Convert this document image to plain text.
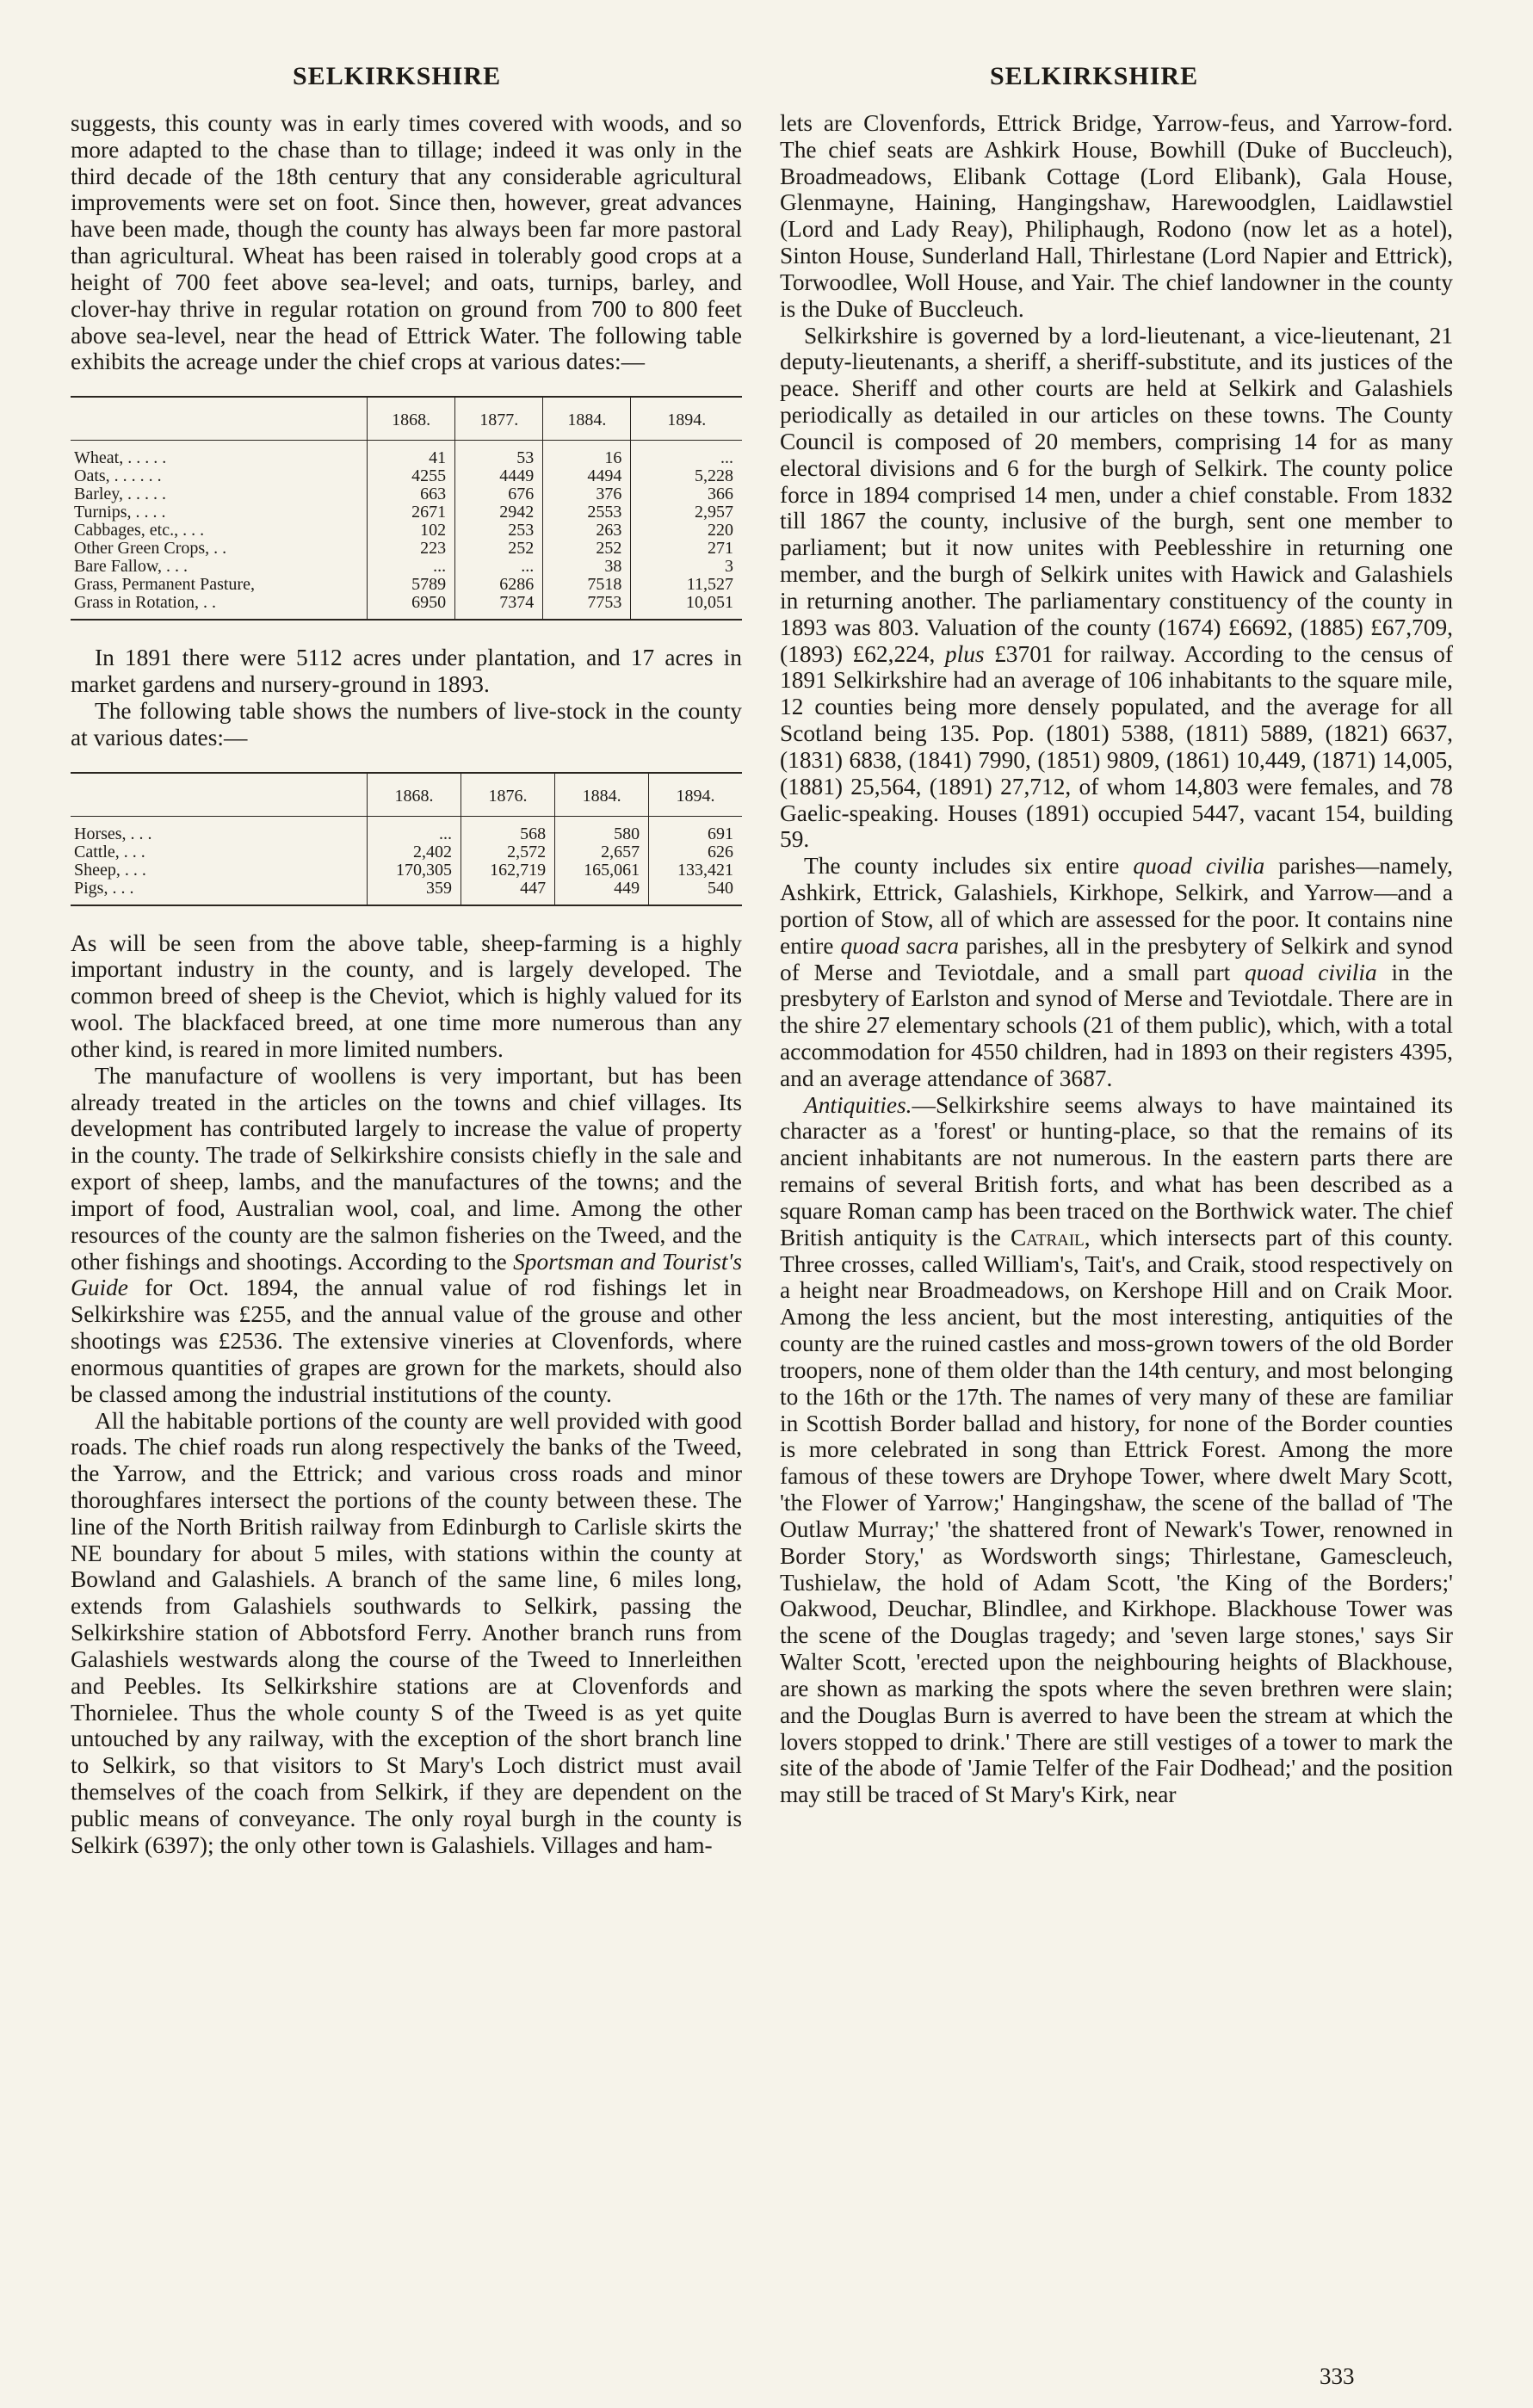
SELKIRKSHIRE	SELKIRKSHIRE

suggests, this county was in early times covered with woods, and so more adapted to the chase than to tillage; indeed it was only in the third decade of the 18th century that any considerable agricultural improvements were set on foot. Since then, however, great advances have been made, though the county has always been far more pastoral than agricultural. Wheat has been raised in tolerably good crops at a height of 700 feet above sea-level; and oats, turnips, barley, and clover-hay thrive in regular rotation on ground from 700 to 800 feet above sea-level, near the head of Ettrick Water. The following table exhibits the acreage under the chief crops at various dates:—

	1868.	1877.	1884.	1894.
Wheat, . . . . .	41	53	16	...
Oats, . . . . . .	4255	4449	4494	5,228
Barley, . . . . .	663	676	376	366
Turnips, . . . .	2671	2942	2553	2,957
Cabbages, etc., . . .	102	253	263	220
Other Green Crops, . .	223	252	252	271
Bare Fallow, . . .	...	...	38	3
Grass, Permanent Pasture,	5789	6286	7518	11,527
Grass in Rotation, . .	6950	7374	7753	10,051

In 1891 there were 5112 acres under plantation, and 17 acres in market gardens and nursery-ground in 1893.

The following table shows the numbers of live-stock in the county at various dates:—

	1868.	1876.	1884.	1894.
Horses, . . .	...	568	580	691
Cattle, . . .	2,402	2,572	2,657	626
Sheep, . . .	170,305	162,719	165,061	133,421
Pigs, . . .	359	447	449	540

As will be seen from the above table, sheep-farming is a highly important industry in the county, and is largely developed. The common breed of sheep is the Cheviot, which is highly valued for its wool. The blackfaced breed, at one time more numerous than any other kind, is reared in more limited numbers.

The manufacture of woollens is very important, but has been already treated in the articles on the towns and chief villages. Its development has contributed largely to increase the value of property in the county. The trade of Selkirkshire consists chiefly in the sale and export of sheep, lambs, and the manufactures of the towns; and the import of food, Australian wool, coal, and lime. Among the other resources of the county are the salmon fisheries on the Tweed, and the other fishings and shootings. According to the Sportsman and Tourist's Guide for Oct. 1894, the annual value of rod fishings let in Selkirkshire was £255, and the annual value of the grouse and other shootings was £2536. The extensive vineries at Clovenfords, where enormous quantities of grapes are grown for the markets, should also be classed among the industrial institutions of the county.

All the habitable portions of the county are well provided with good roads. The chief roads run along respectively the banks of the Tweed, the Yarrow, and the Ettrick; and various cross roads and minor thoroughfares intersect the portions of the county between these. The line of the North British railway from Edinburgh to Carlisle skirts the NE boundary for about 5 miles, with stations within the county at Bowland and Galashiels. A branch of the same line, 6 miles long, extends from Galashiels southwards to Selkirk, passing the Selkirkshire station of Abbotsford Ferry. Another branch runs from Galashiels westwards along the course of the Tweed to Innerleithen and Peebles. Its Selkirkshire stations are at Clovenfords and Thornielee. Thus the whole county S of the Tweed is as yet quite untouched by any railway, with the exception of the short branch line to Selkirk, so that visitors to St Mary's Loch district must avail themselves of the coach from Selkirk, if they are dependent on the public means of conveyance. The only royal burgh in the county is Selkirk (6397); the only other town is Galashiels. Villages and ham-

lets are Clovenfords, Ettrick Bridge, Yarrow-feus, and Yarrow-ford. The chief seats are Ashkirk House, Bowhill (Duke of Buccleuch), Broadmeadows, Elibank Cottage (Lord Elibank), Gala House, Glenmayne, Haining, Hangingshaw, Harewoodglen, Laidlawstiel (Lord and Lady Reay), Philiphaugh, Rodono (now let as a hotel), Sinton House, Sunderland Hall, Thirlestane (Lord Napier and Ettrick), Torwoodlee, Woll House, and Yair. The chief landowner in the county is the Duke of Buccleuch.

Selkirkshire is governed by a lord-lieutenant, a vice-lieutenant, 21 deputy-lieutenants, a sheriff, a sheriff-substitute, and its justices of the peace. Sheriff and other courts are held at Selkirk and Galashiels periodically as detailed in our articles on these towns. The County Council is composed of 20 members, comprising 14 for as many electoral divisions and 6 for the burgh of Selkirk. The county police force in 1894 comprised 14 men, under a chief constable. From 1832 till 1867 the county, inclusive of the burgh, sent one member to parliament; but it now unites with Peeblesshire in returning one member, and the burgh of Selkirk unites with Hawick and Galashiels in returning another. The parliamentary constituency of the county in 1893 was 803. Valuation of the county (1674) £6692, (1885) £67,709, (1893) £62,224, plus £3701 for railway. According to the census of 1891 Selkirkshire had an average of 106 inhabitants to the square mile, 12 counties being more densely populated, and the average for all Scotland being 135. Pop. (1801) 5388, (1811) 5889, (1821) 6637, (1831) 6838, (1841) 7990, (1851) 9809, (1861) 10,449, (1871) 14,005, (1881) 25,564, (1891) 27,712, of whom 14,803 were females, and 78 Gaelic-speaking. Houses (1891) occupied 5447, vacant 154, building 59.

The county includes six entire quoad civilia parishes—namely, Ashkirk, Ettrick, Galashiels, Kirkhope, Selkirk, and Yarrow—and a portion of Stow, all of which are assessed for the poor. It contains nine entire quoad sacra parishes, all in the presbytery of Selkirk and synod of Merse and Teviotdale, and a small part quoad civilia in the presbytery of Earlston and synod of Merse and Teviotdale. There are in the shire 27 elementary schools (21 of them public), which, with a total accommodation for 4550 children, had in 1893 on their registers 4395, and an average attendance of 3687.

Antiquities.—Selkirkshire seems always to have maintained its character as a 'forest' or hunting-place, so that the remains of its ancient inhabitants are not numerous. In the eastern parts there are remains of several British forts, and what has been described as a square Roman camp has been traced on the Borthwick water. The chief British antiquity is the Catrail, which intersects part of this county. Three crosses, called William's, Tait's, and Craik, stood respectively on a height near Broadmeadows, on Kershope Hill and on Craik Moor. Among the less ancient, but the most interesting, antiquities of the county are the ruined castles and moss-grown towers of the old Border troopers, none of them older than the 14th century, and most belonging to the 16th or the 17th. The names of very many of these are familiar in Scottish Border ballad and history, for none of the Border counties is more celebrated in song than Ettrick Forest. Among the more famous of these towers are Dryhope Tower, where dwelt Mary Scott, 'the Flower of Yarrow;' Hangingshaw, the scene of the ballad of 'The Outlaw Murray;' 'the shattered front of Newark's Tower, renowned in Border Story,' as Wordsworth sings; Thirlestane, Gamescleuch, Tushielaw, the hold of Adam Scott, 'the King of the Borders;' Oakwood, Deuchar, Blindlee, and Kirkhope. Blackhouse Tower was the scene of the Douglas tragedy; and 'seven large stones,' says Sir Walter Scott, 'erected upon the neighbouring heights of Blackhouse, are shown as marking the spots where the seven brethren were slain; and the Douglas Burn is averred to have been the stream at which the lovers stopped to drink.' There are still vestiges of a tower to mark the site of the abode of 'Jamie Telfer of the Fair Dodhead;' and the position may still be traced of St Mary's Kirk, near

333
